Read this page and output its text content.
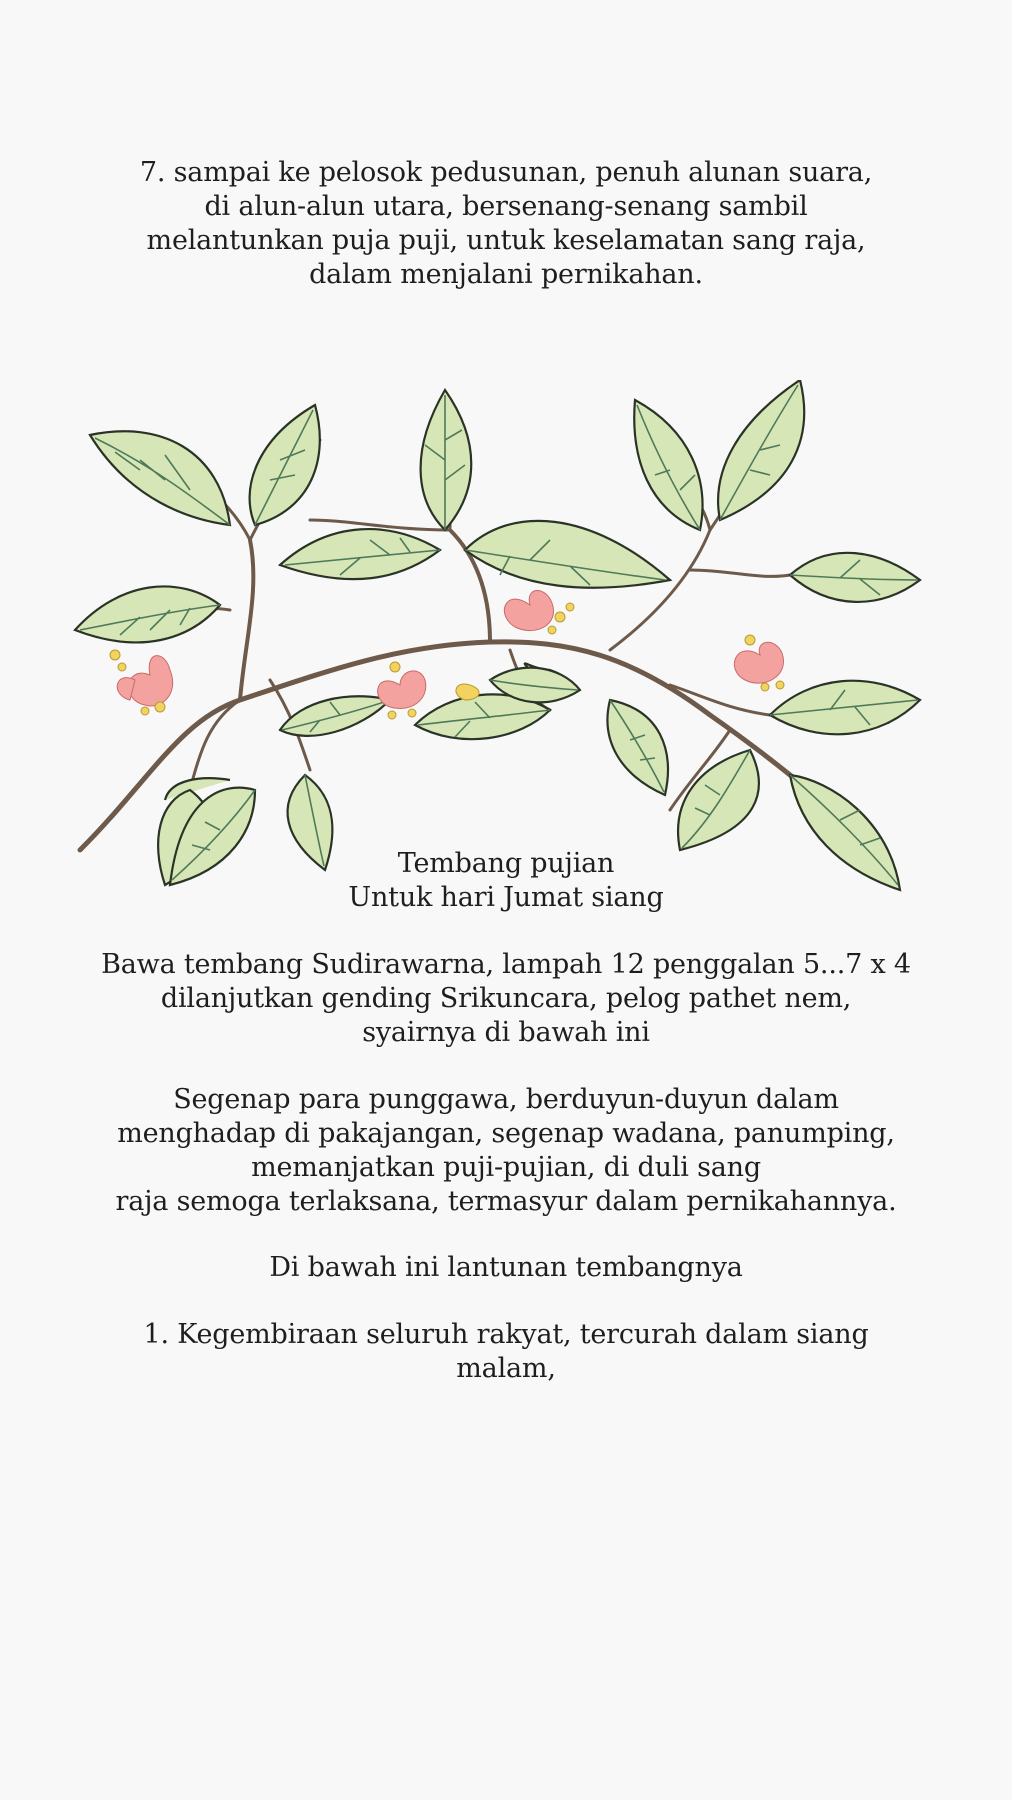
7. sampai ke pelosok pedusunan, penuh alunan suara,
di alun-alun utara, bersenang-senang sambil
melantunkan puja puji, untuk keselamatan sang raja,
dalam menjalani pernikahan.
Tembang pujian
Untuk hari Jumat siang
Bawa tembang Sudirawarna, lampah 12 penggalan 5...7 x 4
dilanjutkan gending Srikuncara, pelog pathet nem,
syairnya di bawah ini
Segenap para punggawa, berduyun-duyun dalam
menghadap di pakajangan, segenap wadana, panumping,
memanjatkan puji-pujian, di duli sang
raja semoga terlaksana, termasyur dalam pernikahannya.
Di bawah ini lantunan tembangnya
1. Kegembiraan seluruh rakyat, tercurah dalam siang
malam,
